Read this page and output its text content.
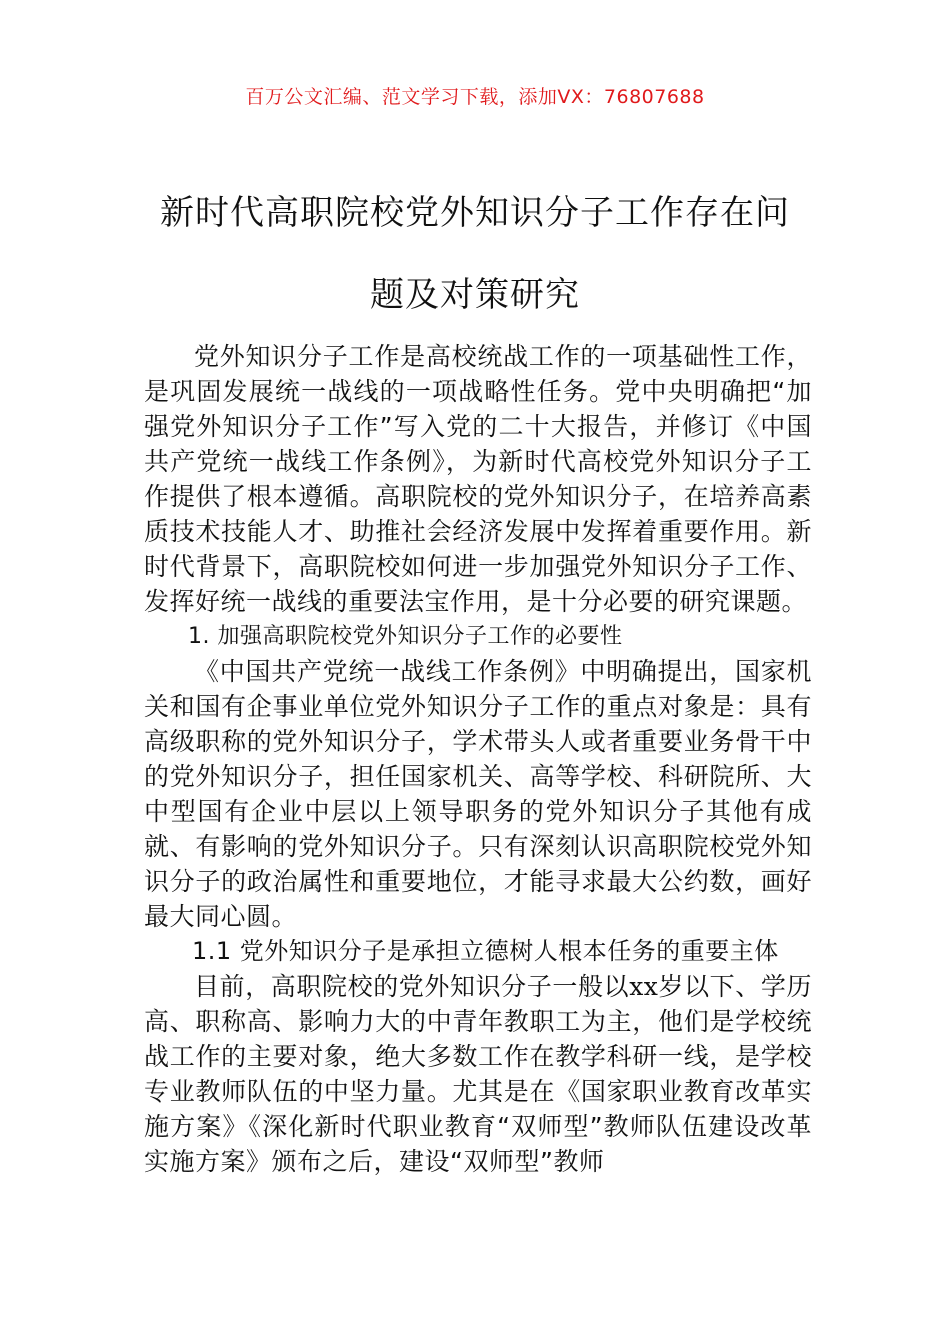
百万公文汇编、范文学习下载，添加VX：76807688
新时代高职院校党外知识分子工作存在问
题及对策研究

党外知识分子工作是高校统战工作的一项基础性工作，是巩固发展统一战线的一项战略性任务。党中央明确把“加强党外知识分子工作”写入党的二十大报告，并修订《中国共产党统一战线工作条例》，为新时代高校党外知识分子工作提供了根本遵循。高职院校的党外知识分子，在培养高素质技术技能人才、助推社会经济发展中发挥着重要作用。新时代背景下，高职院校如何进一步加强党外知识分子工作、发挥好统一战线的重要法宝作用，是十分必要的研究课题。

1. 加强高职院校党外知识分子工作的必要性

《中国共产党统一战线工作条例》中明确提出，国家机关和国有企事业单位党外知识分子工作的重点对象是：具有高级职称的党外知识分子，学术带头人或者重要业务骨干中的党外知识分子，担任国家机关、高等学校、科研院所、大中型国有企业中层以上领导职务的党外知识分子其他有成就、有影响的党外知识分子。只有深刻认识高职院校党外知识分子的政治属性和重要地位，才能寻求最大公约数，画好最大同心圆。

1.1 党外知识分子是承担立德树人根本任务的重要主体

目前，高职院校的党外知识分子一般以xx岁以下、学历高、职称高、影响力大的中青年教职工为主，他们是学校统战工作的主要对象，绝大多数工作在教学科研一线，是学校专业教师队伍的中坚力量。尤其是在《国家职业教育改革实施方案》《深化新时代职业教育“双师型”教师队伍建设改革实施方案》颁布之后，建设“双师型”教师
